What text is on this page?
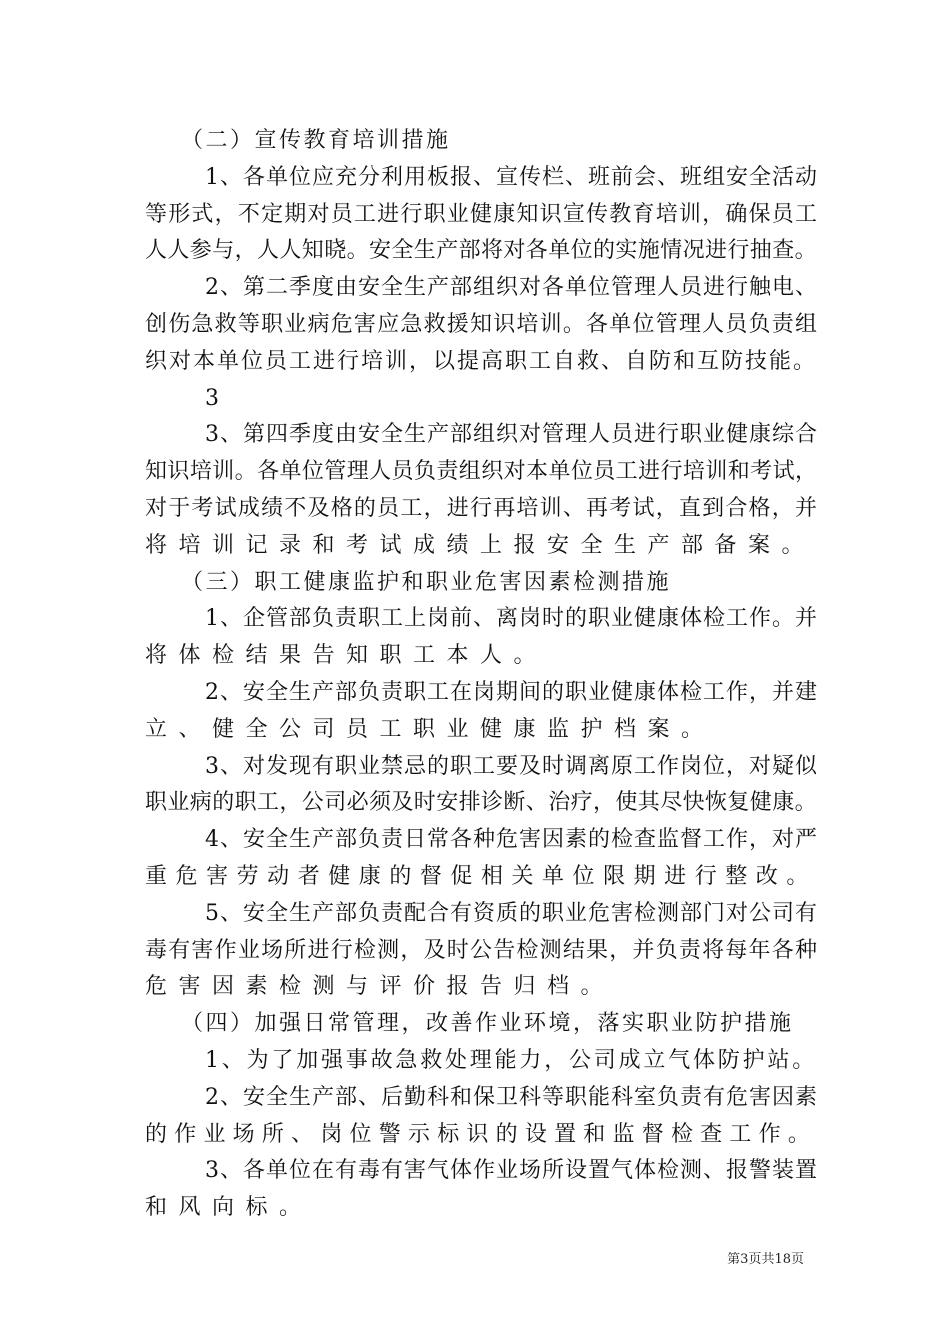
（二）宣传教育培训措施
1、各单位应充分利用板报、宣传栏、班前会、班组安全活动
等形式，不定期对员工进行职业健康知识宣传教育培训，确保员工
人人参与，人人知晓。安全生产部将对各单位的实施情况进行抽查。
2、第二季度由安全生产部组织对各单位管理人员进行触电、
创伤急救等职业病危害应急救援知识培训。各单位管理人员负责组
织对本单位员工进行培训，以提高职工自救、自防和互防技能。
3
3、第四季度由安全生产部组织对管理人员进行职业健康综合
知识培训。各单位管理人员负责组织对本单位员工进行培训和考试，
对于考试成绩不及格的员工，进行再培训、再考试，直到合格，并
将培训记录和考试成绩上报安全生产部备案。
（三）职工健康监护和职业危害因素检测措施
1、企管部负责职工上岗前、离岗时的职业健康体检工作。并
将体检结果告知职工本人。
2、安全生产部负责职工在岗期间的职业健康体检工作，并建
立、健全公司员工职业健康监护档案。
3、对发现有职业禁忌的职工要及时调离原工作岗位，对疑似
职业病的职工，公司必须及时安排诊断、治疗，使其尽快恢复健康。
4、安全生产部负责日常各种危害因素的检查监督工作，对严
重危害劳动者健康的督促相关单位限期进行整改。
5、安全生产部负责配合有资质的职业危害检测部门对公司有
毒有害作业场所进行检测，及时公告检测结果，并负责将每年各种
危害因素检测与评价报告归档。
（四）加强日常管理，改善作业环境，落实职业防护措施
1、为了加强事故急救处理能力，公司成立气体防护站。
2、安全生产部、后勤科和保卫科等职能科室负责有危害因素
的作业场所、岗位警示标识的设置和监督检查工作。
3、各单位在有毒有害气体作业场所设置气体检测、报警装置
和风向标。
第3页共18页
